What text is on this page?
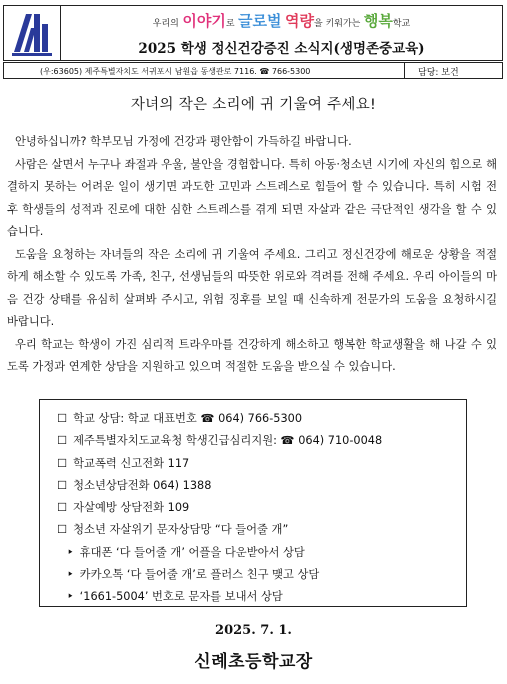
우리의 이야기로 글로벌 역량을 키워가는 행복학교
2025 학생 정신건강증진 소식지(생명존중교육)
(우:63605) 제주특별자치도 서귀포시 남원읍 동생관로 7116. ☎ 766-5300	담당: 보건
자녀의 작은 소리에 귀 기울여 주세요!

안녕하십니까? 학부모님 가정에 건강과 평안함이 가득하길 바랍니다.

사람은 살면서 누구나 좌절과 우울, 불안을 경험합니다. 특히 아동·청소년 시기에 자신의 힘으로 해결하지 못하는 어려운 일이 생기면 과도한 고민과 스트레스로 힘들어 할 수 있습니다. 특히 시험 전후 학생들의 성적과 진로에 대한 심한 스트레스를 겪게 되면 자살과 같은 극단적인 생각을 할 수 있습니다.

도움을 요청하는 자녀들의 작은 소리에 귀 기울여 주세요. 그리고 정신건강에 해로운 상황을 적절하게 해소할 수 있도록 가족, 친구, 선생님들의 따뜻한 위로와 격려를 전해 주세요. 우리 아이들의 마음 건강 상태를 유심히 살펴봐 주시고, 위험 징후를 보일 때 신속하게 전문가의 도움을 요청하시길 바랍니다.

우리 학교는 학생이 가진 심리적 트라우마를 건강하게 해소하고 행복한 학교생활을 해 나갈 수 있도록 가정과 연계한 상담을 지원하고 있으며 적절한 도움을 받으실 수 있습니다.

☐ 학교 상담: 학교 대표번호 ☎ 064) 766-5300
☐ 제주특별자치도교육청 학생긴급심리지원: ☎ 064) 710-0048
☐ 학교폭력 신고전화 117
☐ 청소년상담전화 064) 1388
☐ 자살예방 상담전화 109
☐ 청소년 자살위기 문자상담망 “다 들어줄 개”
‣ 휴대폰 ‘다 들어줄 개’ 어플을 다운받아서 상담
‣ 카카오톡 ‘다 들어줄 개’로 플러스 친구 맺고 상담
‣ ‘1661-5004’ 번호로 문자를 보내서 상담
2025. 7. 1.
신례초등학교장
